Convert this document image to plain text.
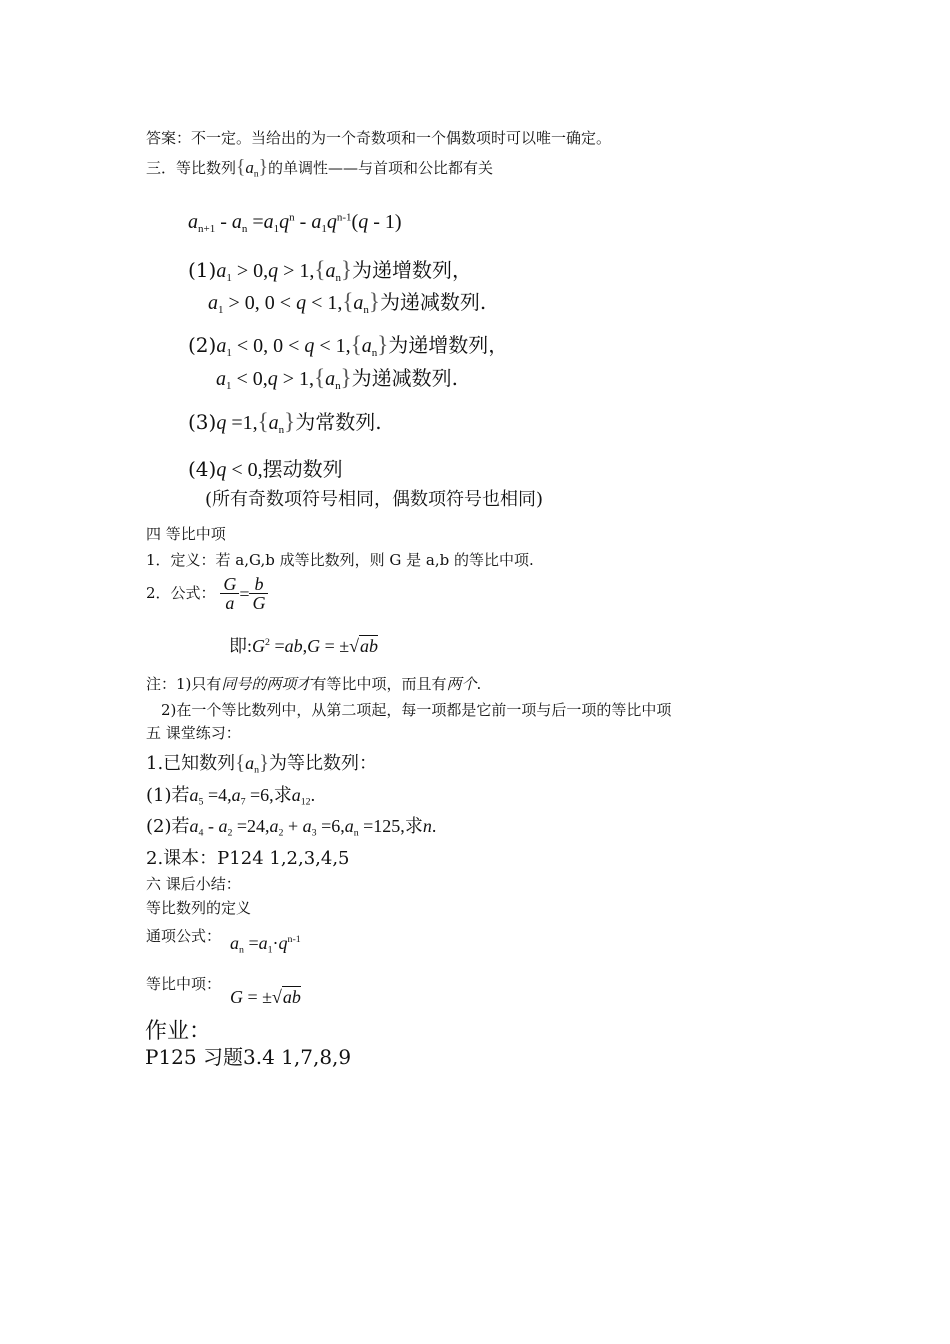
答案：不一定。当给出的为一个奇数项和一个偶数项时可以唯一确定。
三．等比数列$\{a_n\}$的单调性——与首项和公比都有关
$a_{n+1} - a_n =a_1q^n - a_1q^{n-1}(q - 1)$
$(1)a_1 > 0,q > 1,\{a_n\}$为递增数列，
$a_1 > 0$, $0 < q < 1,\{a_n\}$为递减数列.
$(2)a_1 < 0$, $0 < q < 1,\{a_n\}$为递增数列，
$a_1 < 0,q > 1,\{a_n\}$为递减数列.
$(3)q =1,\{a_n\}$为常数列.
(4)q < 0,摆动数列
(所有奇数项符号相同，偶数项符号也相同)
四 等比中项
1．定义：若 a,G,b 成等比数列，则 G 是 a,b 的等比中项.
2．公式： $\frac{G}{a} = \frac{b}{G}$
即$:G^2 =ab,G = \pm√ab$
注：1)只有同号的两项才有等比中项，而且有两个.
2)在一个等比数列中，从第二项起，每一项都是它前一项与后一项的等比中项
五 课堂练习：
1.已知数列$\{a_n\}$为等比数列：
(1)若$a_5 =4,a_7 =6$,求$a_{12}$.
(2)若$a_4 - a_2 =24,a_2 + a_3 =6,a_n =125$,求n.
2.课本：P124 1,2,3,4,5
六 课后小结：
等比数列的定义
通项公式： $a_n =a_1\cdot q^{n-1}$
等比中项：
G = ±√ab
作业：
P125 习题3.4 1,7,8,9
